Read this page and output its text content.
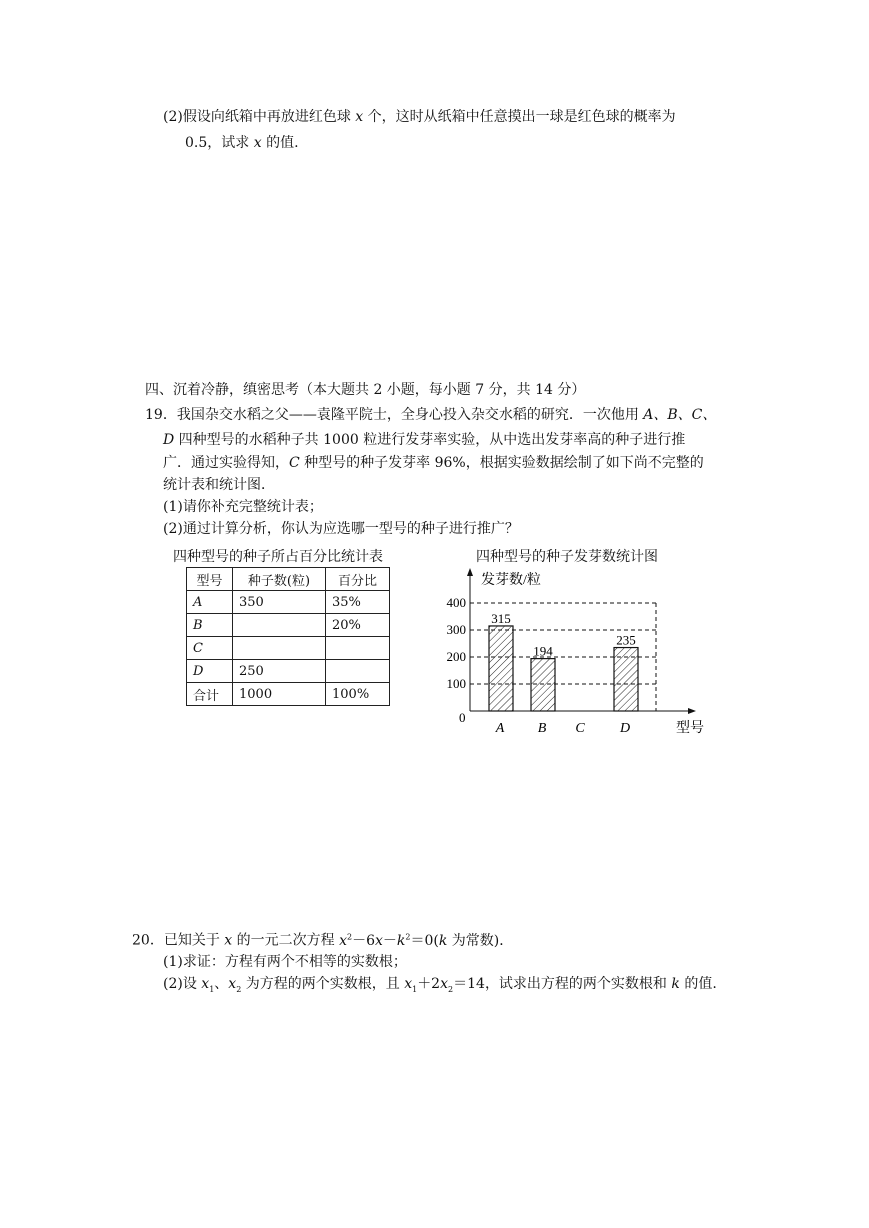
(2)假设向纸箱中再放进红色球 x 个，这时从纸箱中任意摸出一球是红色球的概率为
0.5，试求 x 的值.
四、沉着冷静，缜密思考（本大题共 2 小题，每小题 7 分，共 14 分）
19．我国杂交水稻之父——袁隆平院士，全身心投入杂交水稻的研究．一次他用 A、B、C、
D 四种型号的水稻种子共 1000 粒进行发芽率实验，从中选出发芽率高的种子进行推
广．通过实验得知，C 种型号的种子发芽率 96%，根据实验数据绘制了如下尚不完整的
统计表和统计图．
(1)请你补充完整统计表；
(2)通过计算分析，你认为应选哪一型号的种子进行推广？
四种型号的种子所占百分比统计表
型号	种子数(粒)	百分比
A	350	35%
B		20%
C		
D	250	
合计	1000	100%
四种型号的种子发芽数统计图
100
200
300
400
315
A
194
B C
235
D
发芽数/粒
型号
0
20．已知关于 x 的一元二次方程 $x^2-6x-k^2=0(k$ 为常数)．
(1)求证：方程有两个不相等的实数根；
(2)设 $x_1$、$x_2$ 为方程的两个实数根，且 $x_1+2x_2=14$，试求出方程的两个实数根和 k 的值.
